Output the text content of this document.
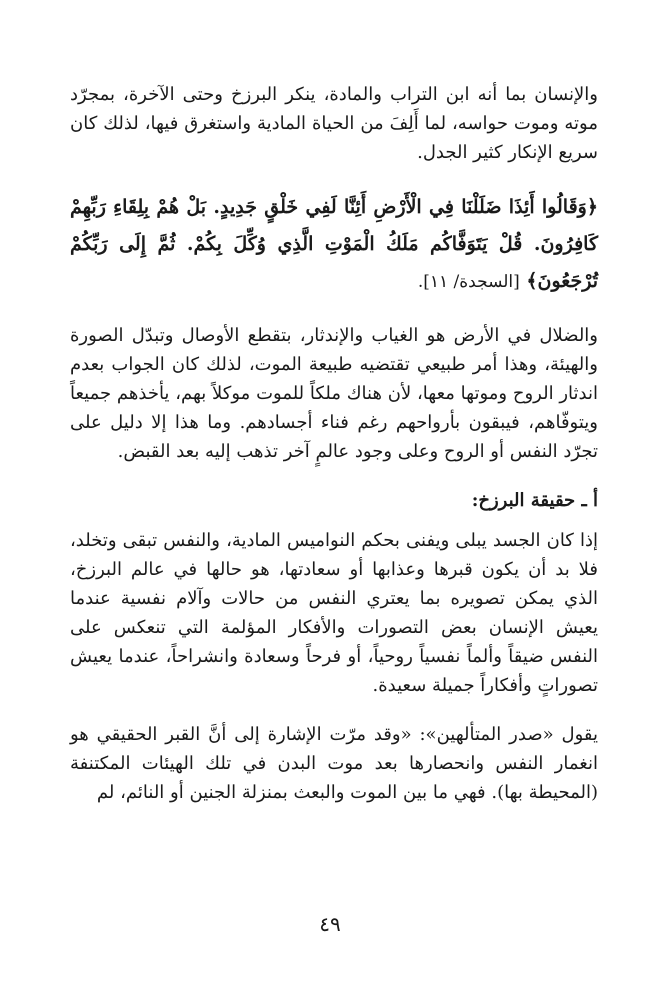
والإنسان بما أنه ابن التراب والمادة، ينكر البرزخ وحتى الآخرة، بمجرّد موته وموت حواسه، لما أَلِفَ من الحياة المادية واستغرق فيها، لذلك كان سريع الإنكار كثير الجدل.

﴿وَقَالُوا أَئِذَا ضَلَلْنَا فِي الْأَرْضِ أَئِنَّا لَفِي خَلْقٍ جَدِيدٍ. بَلْ هُمْ بِلِقَاءِ رَبِّهِمْ كَافِرُونَ. قُلْ يَتَوَفَّاكُم مَلَكُ الْمَوْتِ الَّذِي وُكِّلَ بِكُمْ. ثُمَّ إِلَى رَبِّكُمْ تُرْجَعُونَ﴾ [السجدة/ ١١].

والضلال في الأرض هو الغياب والإندثار، بتقطع الأوصال وتبدّل الصورة والهيئة، وهذا أمر طبيعي تقتضيه طبيعة الموت، لذلك كان الجواب بعدم اندثار الروح وموتها معها، لأن هناك ملكاً للموت موكلاً بهم، يأخذهم جميعاً ويتوفّاهم، فيبقون بأرواحهم رغم فناء أجسادهم. وما هذا إلا دليل على تجرّد النفس أو الروح وعلى وجود عالمٍ آخر تذهب إليه بعد القبض.

أ ـ حقيقة البرزخ:

إذا كان الجسد يبلى ويفنى بحكم النواميس المادية، والنفس تبقى وتخلد، فلا بد أن يكون قبرها وعذابها أو سعادتها، هو حالها في عالم البرزخ، الذي يمكن تصويره بما يعتري النفس من حالات وآلام نفسية عندما يعيش الإنسان بعض التصورات والأفكار المؤلمة التي تنعكس على النفس ضيقاً وألماً نفسياً روحياً، أو فرحاً وسعادة وانشراحاً، عندما يعيش تصوراتٍ وأفكاراً جميلة سعيدة.

يقول «صدر المتألهين»: «وقد مرّت الإشارة إلى أنَّ القبر الحقيقي هو انغمار النفس وانحصارها بعد موت البدن في تلك الهيئات المكتنفة (المحيطة بها). فهي ما بين الموت والبعث بمنزلة الجنين أو النائم، لم

٤٩
